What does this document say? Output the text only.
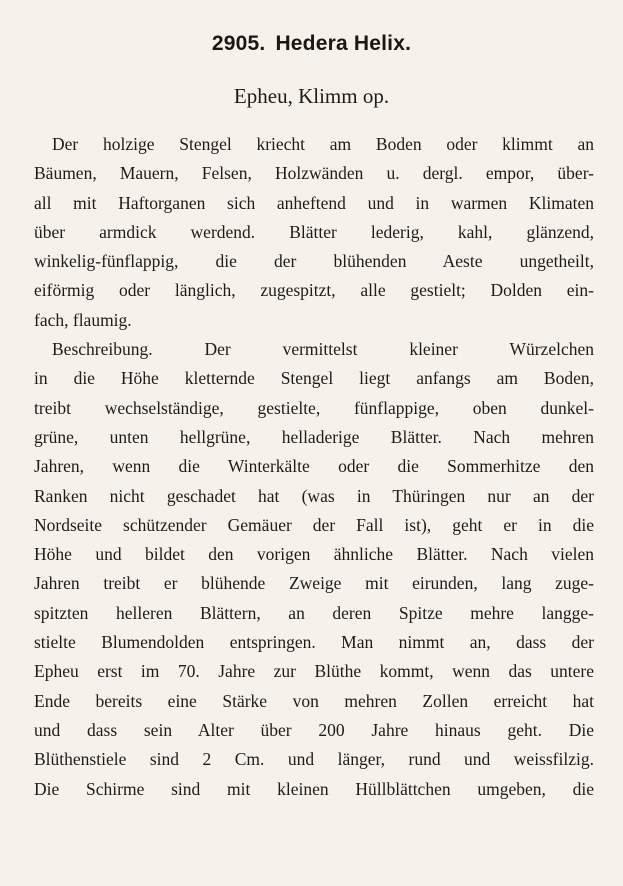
2905. Hedera Helix.
Epheu, Klimm op.
Der holzige Stengel kriecht am Boden oder klimmt an
Bäumen, Mauern, Felsen, Holzwänden u. dergl. empor, über-
all mit Haftorganen sich anheftend und in warmen Klimaten
über armdick werdend. Blätter lederig, kahl, glänzend,
winkelig-fünflappig, die der blühenden Aeste ungetheilt,
eiförmig oder länglich, zugespitzt, alle gestielt; Dolden ein-
fach, flaumig.
Beschreibung. Der vermittelst kleiner Würzelchen
in die Höhe kletternde Stengel liegt anfangs am Boden,
treibt wechselständige, gestielte, fünflappige, oben dunkel-
grüne, unten hellgrüne, helladerige Blätter. Nach mehren
Jahren, wenn die Winterkälte oder die Sommerhitze den
Ranken nicht geschadet hat (was in Thüringen nur an der
Nordseite schützender Gemäuer der Fall ist), geht er in die
Höhe und bildet den vorigen ähnliche Blätter. Nach vielen
Jahren treibt er blühende Zweige mit eirunden, lang zuge-
spitzten helleren Blättern, an deren Spitze mehre langge-
stielte Blumendolden entspringen. Man nimmt an, dass der
Epheu erst im 70. Jahre zur Blüthe kommt, wenn das untere
Ende bereits eine Stärke von mehren Zollen erreicht hat
und dass sein Alter über 200 Jahre hinaus geht. Die
Blüthenstiele sind 2 Cm. und länger, rund und weissfilzig.
Die Schirme sind mit kleinen Hüllblättchen umgeben, die
